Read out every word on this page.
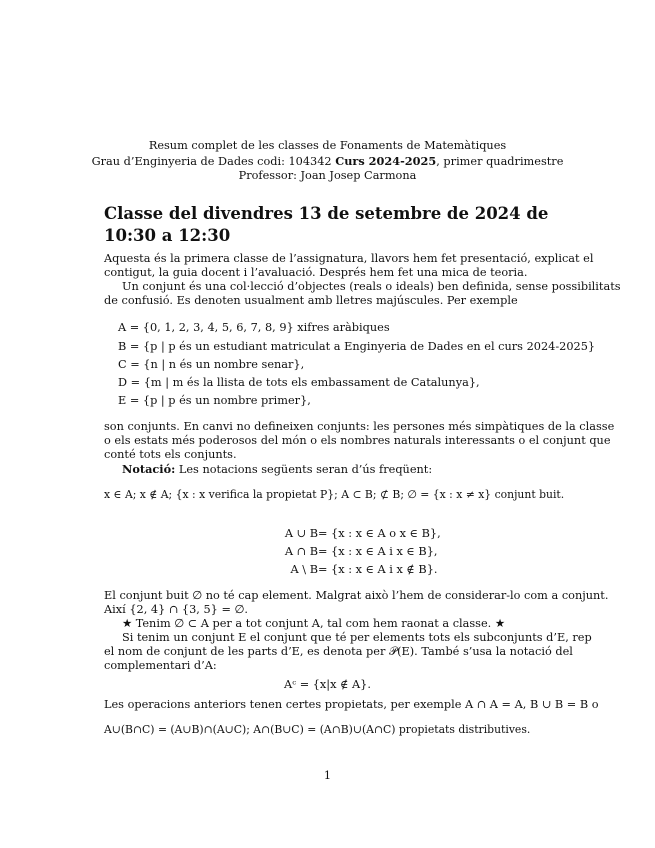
Resum complet de les classes de Fonaments de Matemàtiques
Grau d’Enginyeria de Dades codi: 104342 Curs 2024-2025, primer quadrimestre
Professor: Joan Josep Carmona
Classe del divendres 13 de setembre de 2024 de 10:30 a 12:30
Aquesta és la primera classe de l’assignatura, llavors hem fet presentació, explicat el
contigut, la guia docent i l’avaluació. Després hem fet una mica de teoria.
Un conjunt és una col·lecció d’objectes (reals o ideals) ben definida, sense possibilitats
de confusió. Es denoten usualment amb lletres majúscules. Per exemple
A = {0, 1, 2, 3, 4, 5, 6, 7, 8, 9} xifres aràbiques
B = {p | p és un estudiant matriculat a Enginyeria de Dades en el curs 2024-2025}
C = {n | n és un nombre senar},
D = {m | m és la llista de tots els embassament de Catalunya},
E = {p | p és un nombre primer},
son conjunts. En canvi no defineixen conjunts: les persones més simpàtiques de la classe
o els estats més poderosos del món o els nombres naturals interessants o el conjunt que
conté tots els conjunts.
Notació: Les notacions següents seran d’ús freqüent:
x ∈ A; x ∉ A; {x : x verifica la propietat P}; A ⊂ B; ⊄ B; ∅ = {x : x ≠ x} conjunt buit.
A ∪ B = {x : x ∈ A o x ∈ B},
A ∩ B = {x : x ∈ A i x ∈ B},
A \ B = {x : x ∈ A i x ∉ B}.
El conjunt buit ∅ no té cap element. Malgrat això l’hem de considerar-lo com a conjunt.
Així {2, 4} ∩ {3, 5} = ∅.
★ Tenim ∅ ⊂ A per a tot conjunt A, tal com hem raonat a classe. ★
Si tenim un conjunt E el conjunt que té per elements tots els subconjunts d’E, rep
el nom de conjunt de les parts d’E, es denota per 𝒫(E). També s’usa la notació del
complementari d’A:
Aᶜ = {x|x ∉ A}.
Les operacions anteriors tenen certes propietats, per exemple A ∩ A = A, B ∪ B = B o
A∪(B∩C) = (A∪B)∩(A∪C); A∩(B∪C) = (A∩B)∪(A∩C) propietats distributives.
1
